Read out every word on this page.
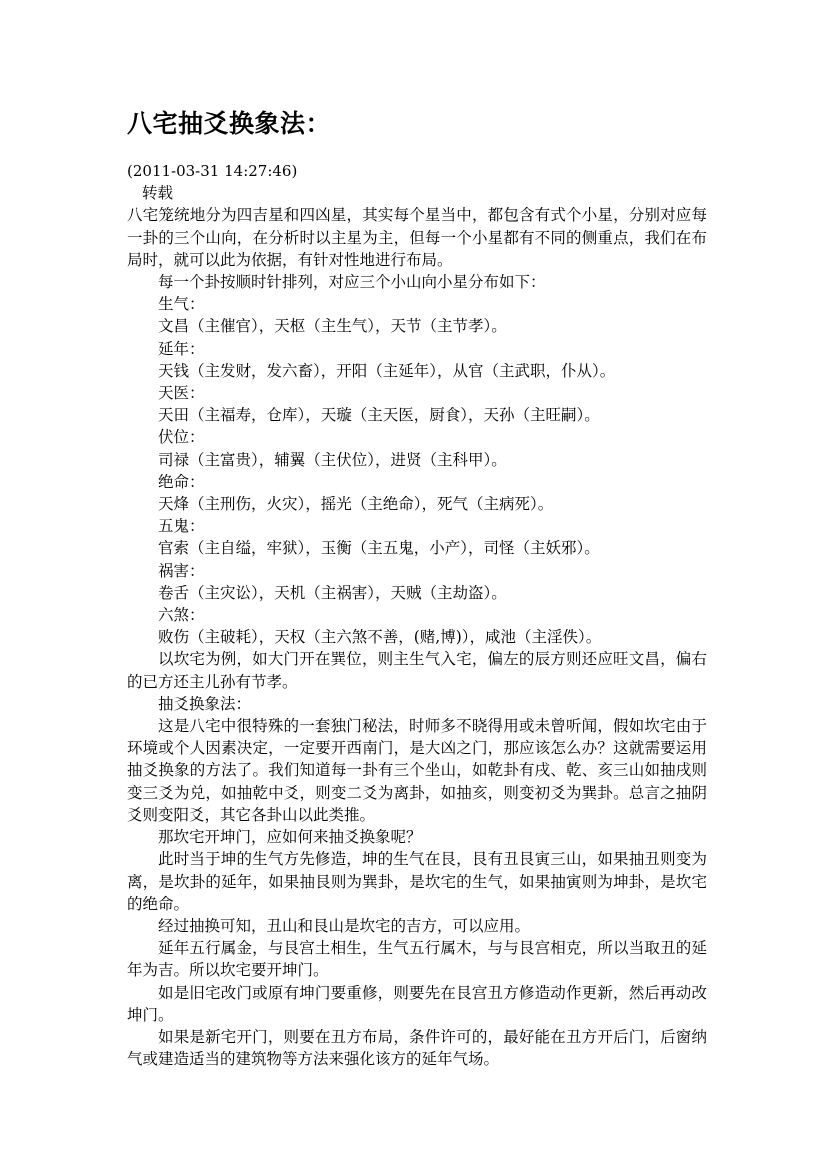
八宅抽爻换象法：
(2011-03-31 14:27:46)
转载
八宅笼统地分为四吉星和四凶星，其实每个星当中，都包含有式个小星，分别对应每一卦的三个山向，在分析时以主星为主，但每一个小星都有不同的侧重点，我们在布局时，就可以此为依据，有针对性地进行布局。
每一个卦按顺时针排列，对应三个小山向小星分布如下：
生气：
文昌（主催官），天枢（主生气），天节（主节孝）。
延年：
天钱（主发财，发六畜），开阳（主延年），从官（主武职，仆从）。
天医：
天田（主福寿，仓库），天璇（主天医，厨食），天孙（主旺嗣）。
伏位：
司禄（主富贵），辅翼（主伏位），进贤（主科甲）。
绝命：
天烽（主刑伤，火灾），摇光（主绝命），死气（主病死）。
五鬼：
官索（主自缢，牢狱），玉衡（主五鬼，小产），司怪（主妖邪）。
祸害：
卷舌（主灾讼），天机（主祸害），天贼（主劫盗）。
六煞：
败伤（主破耗），天权（主六煞不善，(赌,博)），咸池（主淫佚）。
以坎宅为例，如大门开在巽位，则主生气入宅，偏左的辰方则还应旺文昌，偏右的已方还主儿孙有节孝。
抽爻换象法：
这是八宅中很特殊的一套独门秘法，时师多不晓得用或未曾听闻，假如坎宅由于环境或个人因素决定，一定要开西南门，是大凶之门，那应该怎么办？这就需要运用抽爻换象的方法了。我们知道每一卦有三个坐山，如乾卦有戌、乾、亥三山如抽戌则变三爻为兑，如抽乾中爻，则变二爻为离卦，如抽亥，则变初爻为巽卦。总言之抽阴爻则变阳爻，其它各卦山以此类推。
那坎宅开坤门，应如何来抽爻换象呢？
此时当于坤的生气方先修造，坤的生气在艮，艮有丑艮寅三山，如果抽丑则变为离，是坎卦的延年，如果抽艮则为巽卦，是坎宅的生气，如果抽寅则为坤卦，是坎宅的绝命。
经过抽换可知，丑山和艮山是坎宅的吉方，可以应用。
延年五行属金，与艮宫土相生，生气五行属木，与与艮宫相克，所以当取丑的延年为吉。所以坎宅要开坤门。
如是旧宅改门或原有坤门要重修，则要先在艮宫丑方修造动作更新，然后再动改坤门。
如果是新宅开门，则要在丑方布局，条件许可的，最好能在丑方开后门，后窗纳气或建造适当的建筑物等方法来强化该方的延年气场。
